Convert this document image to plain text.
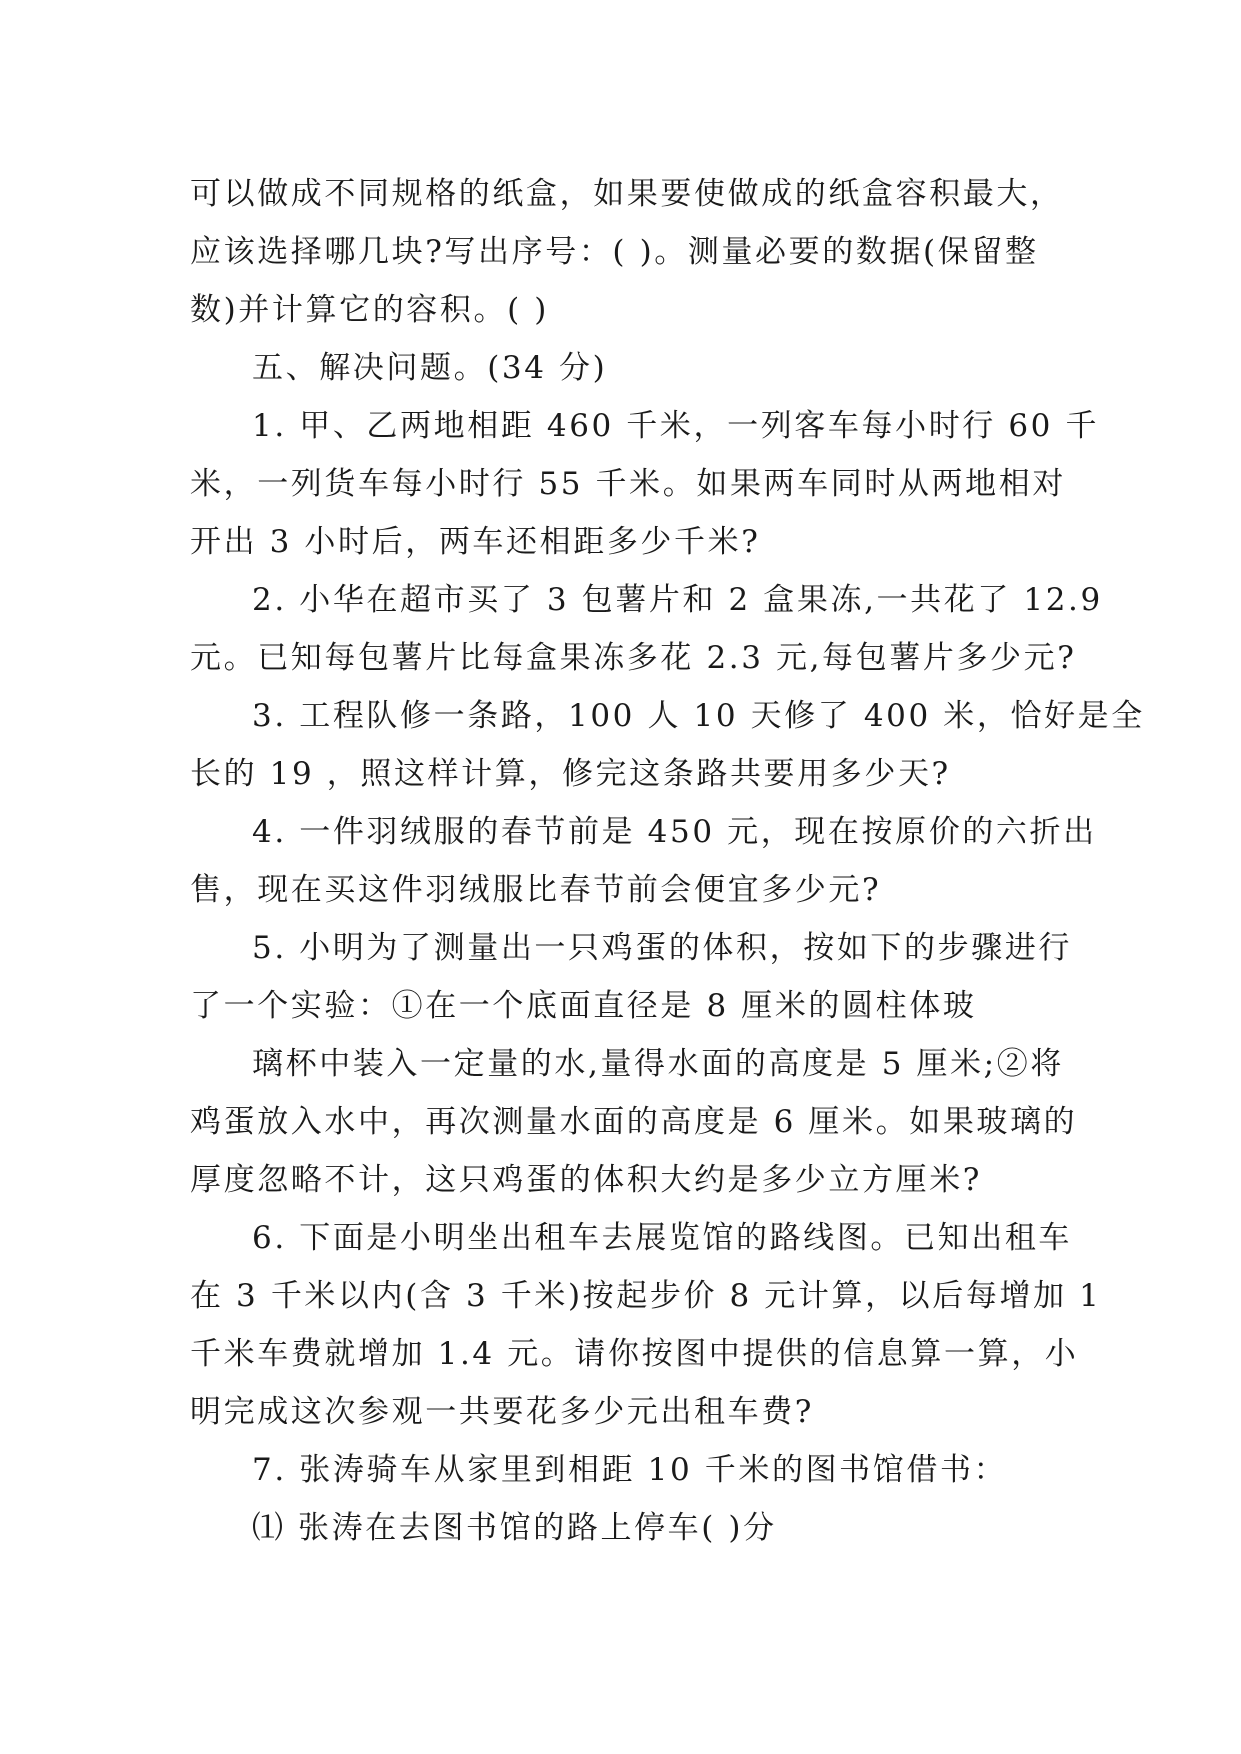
可以做成不同规格的纸盒，如果要使做成的纸盒容积最大，
应该选择哪几块?写出序号：( )。测量必要的数据(保留整
数)并计算它的容积。( )
五、解决问题。(34 分)
1. 甲、乙两地相距 460 千米，一列客车每小时行 60 千
米，一列货车每小时行 55 千米。如果两车同时从两地相对
开出 3 小时后，两车还相距多少千米?
2. 小华在超市买了 3 包薯片和 2 盒果冻,一共花了 12.9
元。已知每包薯片比每盒果冻多花 2.3 元,每包薯片多少元?
3. 工程队修一条路，100 人 10 天修了 400 米，恰好是全
长的 19 ，照这样计算，修完这条路共要用多少天?
4. 一件羽绒服的春节前是 450 元，现在按原价的六折出
售，现在买这件羽绒服比春节前会便宜多少元?
5. 小明为了测量出一只鸡蛋的体积，按如下的步骤进行
了一个实验：①在一个底面直径是 8 厘米的圆柱体玻
璃杯中装入一定量的水,量得水面的高度是 5 厘米;②将
鸡蛋放入水中，再次测量水面的高度是 6 厘米。如果玻璃的
厚度忽略不计，这只鸡蛋的体积大约是多少立方厘米?
6. 下面是小明坐出租车去展览馆的路线图。已知出租车
在 3 千米以内(含 3 千米)按起步价 8 元计算，以后每增加 1
千米车费就增加 1.4 元。请你按图中提供的信息算一算，小
明完成这次参观一共要花多少元出租车费?
7. 张涛骑车从家里到相距 10 千米的图书馆借书：
⑴ 张涛在去图书馆的路上停车( )分
